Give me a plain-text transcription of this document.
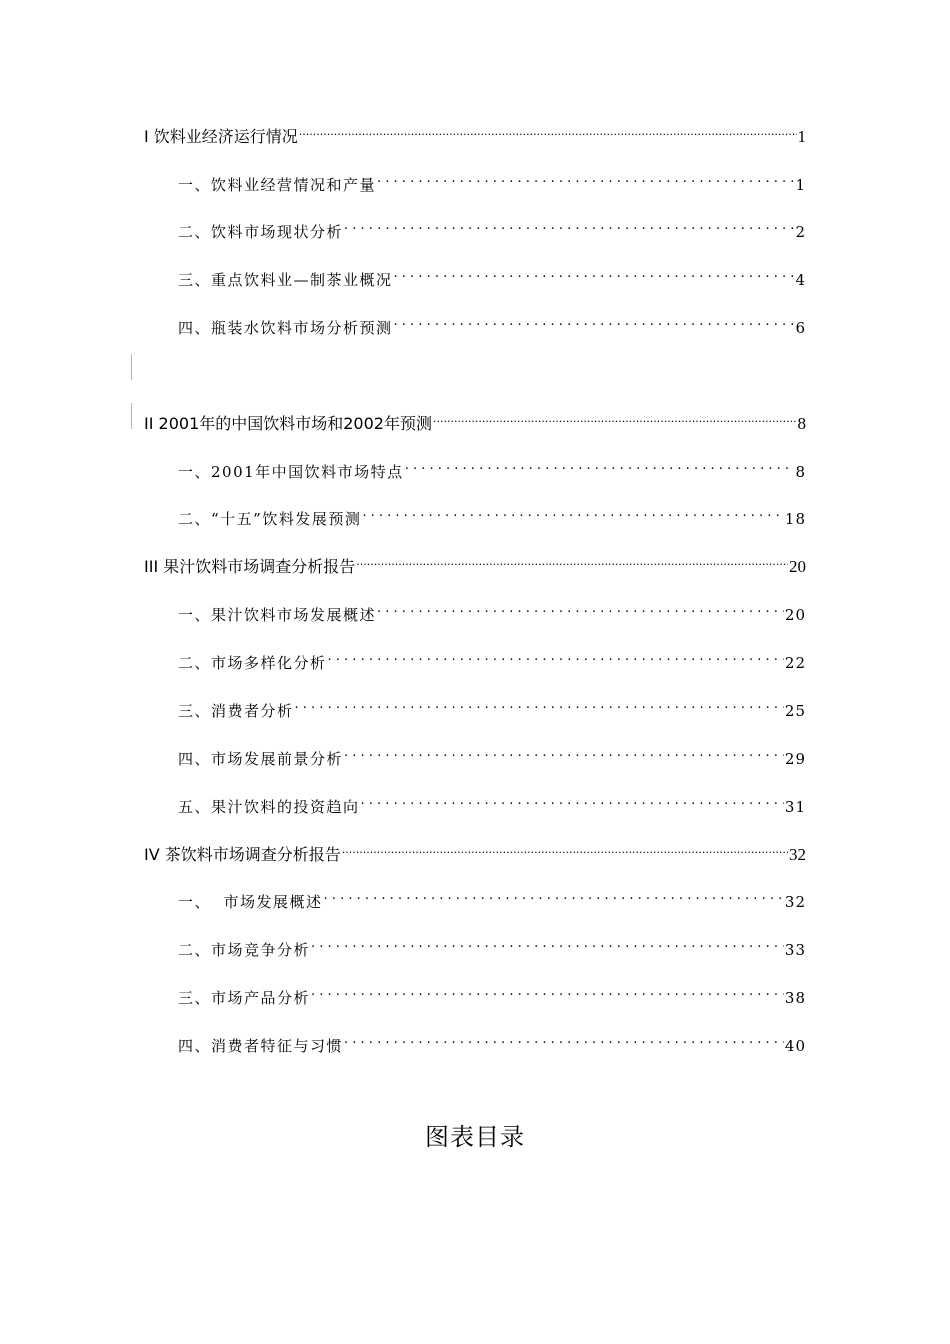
I 饮料业经济运行情况 .....	1
一、饮料业经营情况和产量 . . .	1
二、饮料市场现状分析 . . .	2
三、重点饮料业—制茶业概况 . . .	4
四、瓶装水饮料市场分析预测 . . .	6
II 2001年的中国饮料市场和2002年预测 .....	8
一、2001年中国饮料市场特点 . . .	8
二、“十五”饮料发展预测 . . .	18
III 果汁饮料市场调查分析报告 .....	20
一、果汁饮料市场发展概述 . . .	20
二、市场多样化分析 . . .	22
三、消费者分析 . . .	25
四、市场发展前景分析 . . .	29
五、果汁饮料的投资趋向 . . .	31
IV 茶饮料市场调查分析报告 .....	32
一、  市场发展概述 . . .	32
二、市场竞争分析 . . .	33
三、市场产品分析 . . .	38
四、消费者特征与习惯 . . .	40
图表目录
